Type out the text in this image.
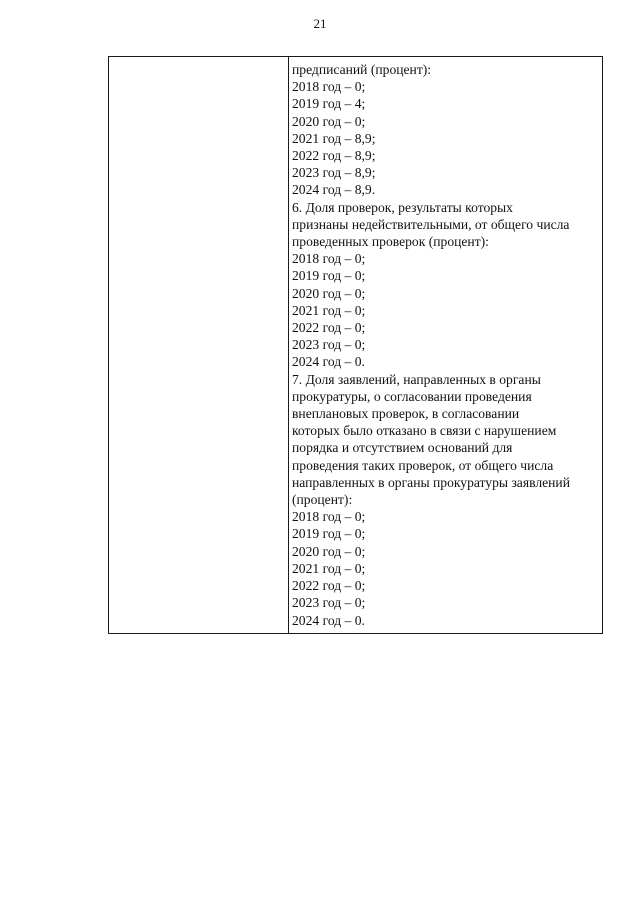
21
предписаний (процент):
2018 год – 0;
2019 год – 4;
2020 год – 0;
2021 год – 8,9;
2022 год – 8,9;
2023 год – 8,9;
2024 год – 8,9.
6. Доля проверок, результаты которых
признаны недействительными, от общего числа
проведенных проверок (процент):
2018 год – 0;
2019 год – 0;
2020 год – 0;
2021 год – 0;
2022 год – 0;
2023 год – 0;
2024 год – 0.
7. Доля заявлений, направленных в органы
прокуратуры, о согласовании проведения
внеплановых проверок, в согласовании
которых было отказано в связи с нарушением
порядка и отсутствием оснований для
проведения таких проверок, от общего числа
направленных в органы прокуратуры заявлений
(процент):
2018 год – 0;
2019 год – 0;
2020 год – 0;
2021 год – 0;
2022 год – 0;
2023 год – 0;
2024 год – 0.
